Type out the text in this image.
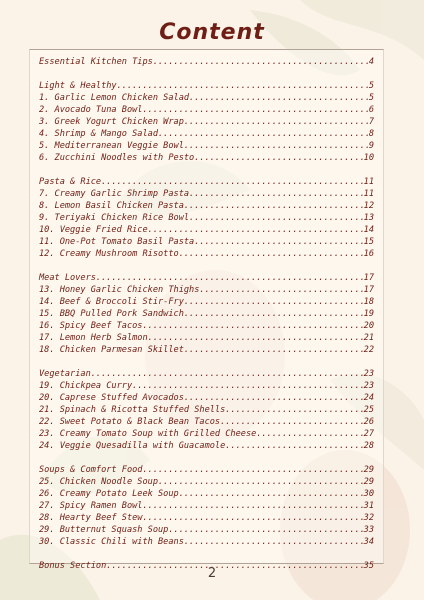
Content
Essential Kitchen Tips .....	4
Light & Healthy .....	5
1. Garlic Lemon Chicken Salad .....	5
2. Avocado Tuna Bowl .....	6
3. Greek Yogurt Chicken Wrap .....	7
4. Shrimp & Mango Salad .....	8
5. Mediterranean Veggie Bowl .....	9
6. Zucchini Noodles with Pesto .....	10
Pasta & Rice .....	11
7. Creamy Garlic Shrimp Pasta .....	11
8. Lemon Basil Chicken Pasta .....	12
9. Teriyaki Chicken Rice Bowl .....	13
10. Veggie Fried Rice .....	14
11. One-Pot Tomato Basil Pasta .....	15
12. Creamy Mushroom Risotto .....	16
Meat Lovers .....	17
13. Honey Garlic Chicken Thighs .....	17
14. Beef & Broccoli Stir-Fry .....	18
15. BBQ Pulled Pork Sandwich .....	19
16. Spicy Beef Tacos .....	20
17. Lemon Herb Salmon .....	21
18. Chicken Parmesan Skillet .....	22
Vegetarian .....	23
19. Chickpea Curry .....	23
20. Caprese Stuffed Avocados .....	24
21. Spinach & Ricotta Stuffed Shells .....	25
22. Sweet Potato & Black Bean Tacos .....	26
23. Creamy Tomato Soup with Grilled Cheese .....	27
24. Veggie Quesadilla with Guacamole .....	28
Soups & Comfort Food .....	29
25. Chicken Noodle Soup .....	29
26. Creamy Potato Leek Soup .....	30
27. Spicy Ramen Bowl .....	31
28. Hearty Beef Stew .....	32
29. Butternut Squash Soup .....	33
30. Classic Chili with Beans .....	34
Bonus Section .....	35
2
